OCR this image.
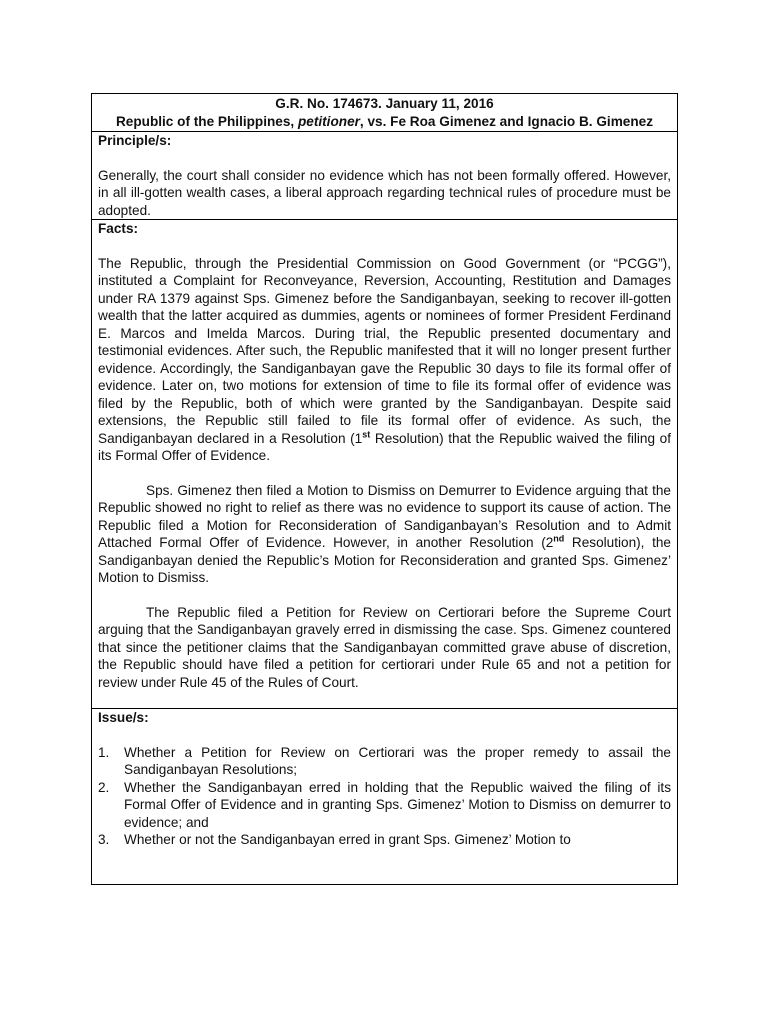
G.R. No. 174673. January 11, 2016
Republic of the Philippines, petitioner, vs. Fe Roa Gimenez and Ignacio B. Gimenez

Principle/s:

Generally, the court shall consider no evidence which has not been formally offered. However, in all ill-gotten wealth cases, a liberal approach regarding technical rules of procedure must be adopted.

Facts:

The Republic, through the Presidential Commission on Good Government (or “PCGG”), instituted a Complaint for Reconveyance, Reversion, Accounting, Restitution and Damages under RA 1379 against Sps. Gimenez before the Sandiganbayan, seeking to recover ill-gotten wealth that the latter acquired as dummies, agents or nominees of former President Ferdinand E. Marcos and Imelda Marcos. During trial, the Republic presented documentary and testimonial evidences. After such, the Republic manifested that it will no longer present further evidence. Accordingly, the Sandiganbayan gave the Republic 30 days to file its formal offer of evidence. Later on, two motions for extension of time to file its formal offer of evidence was filed by the Republic, both of which were granted by the Sandiganbayan. Despite said extensions, the Republic still failed to file its formal offer of evidence. As such, the Sandiganbayan declared in a Resolution (1st Resolution) that the Republic waived the filing of its Formal Offer of Evidence.

Sps. Gimenez then filed a Motion to Dismiss on Demurrer to Evidence arguing that the Republic showed no right to relief as there was no evidence to support its cause of action. The Republic filed a Motion for Reconsideration of Sandiganbayan’s Resolution and to Admit Attached Formal Offer of Evidence. However, in another Resolution (2nd Resolution), the Sandiganbayan denied the Republic’s Motion for Reconsideration and granted Sps. Gimenez’ Motion to Dismiss.

The Republic filed a Petition for Review on Certiorari before the Supreme Court arguing that the Sandiganbayan gravely erred in dismissing the case. Sps. Gimenez countered that since the petitioner claims that the Sandiganbayan committed grave abuse of discretion, the Republic should have filed a petition for certiorari under Rule 65 and not a petition for review under Rule 45 of the Rules of Court.

Issue/s:
1. Whether a Petition for Review on Certiorari was the proper remedy to assail the Sandiganbayan Resolutions;
2. Whether the Sandiganbayan erred in holding that the Republic waived the filing of its Formal Offer of Evidence and in granting Sps. Gimenez’ Motion to Dismiss on demurrer to evidence; and
3. Whether or not the Sandiganbayan erred in grant Sps. Gimenez’ Motion to
